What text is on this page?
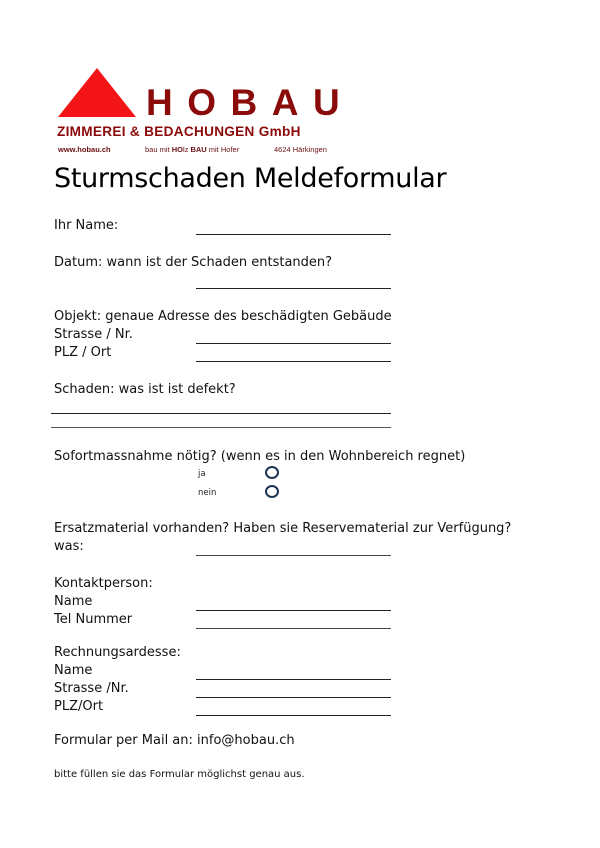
HOBAU
ZIMMEREI & BEDACHUNGEN GmbH
www.hobau.ch	bau mit HOlz BAU mit Hofer	4624 Härkingen
Sturmschaden Meldeformular
Ihr Name:
Datum: wann ist der Schaden entstanden?
Objekt: genaue Adresse des beschädigten Gebäude
Strasse / Nr.
PLZ / Ort
Schaden: was ist ist defekt?
Sofortmassnahme nötig? (wenn es in den Wohnbereich regnet)
ja
nein
Ersatzmaterial vorhanden? Haben sie Reservematerial zur Verfügung?
was:
Kontaktperson:
Name
Tel Nummer
Rechnungsardesse:
Name
Strasse /Nr.
PLZ/Ort
Formular per Mail an: info@hobau.ch
bitte füllen sie das Formular möglichst genau aus.
